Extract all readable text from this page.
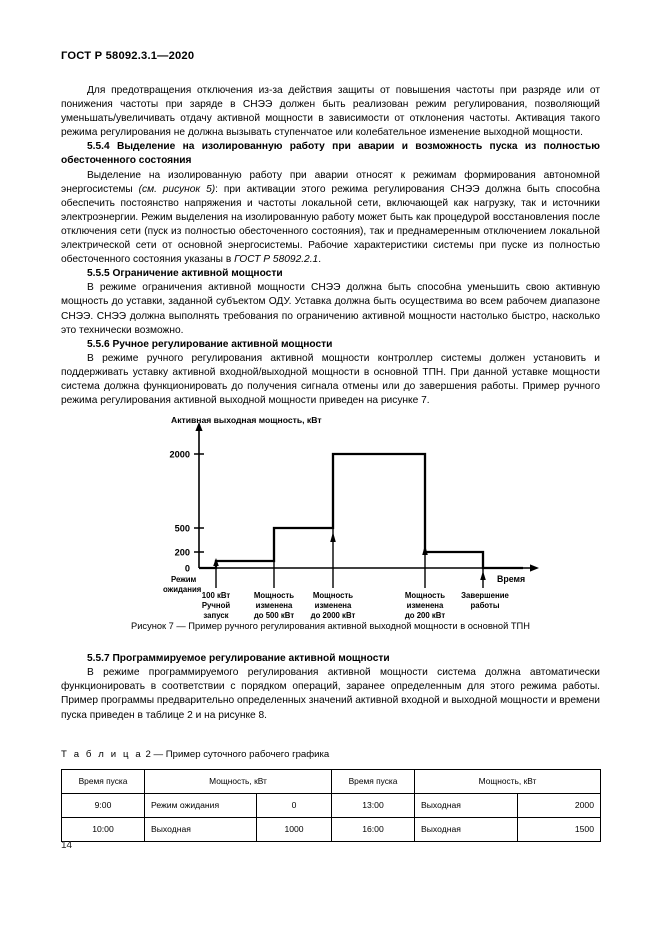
ГОСТ Р 58092.3.1—2020

Для предотвращения отключения из-за действия защиты от повышения частоты при разряде или от понижения частоты при заряде в СНЭЭ должен быть реализован режим регулирования, позволяющий уменьшать/увеличивать отдачу активной мощности в зависимости от отклонения частоты. Активация такого режима регулирования не должна вызывать ступенчатое или колебательное изменение выходной мощности.

5.5.4 Выделение на изолированную работу при аварии и возможность пуска из полностью обесточенного состояния

Выделение на изолированную работу при аварии относят к режимам формирования автономной энергосистемы (см. рисунок 5): при активации этого режима регулирования СНЭЭ должна быть способна обеспечить постоянство напряжения и частоты локальной сети, включающей как нагрузку, так и источники электроэнергии. Режим выделения на изолированную работу может быть как процедурой восстановления после отключения сети (пуск из полностью обесточенного состояния), так и преднамеренным отключением локальной электрической сети от основной энергосистемы. Рабочие характеристики системы при пуске из полностью обесточенного состояния указаны в ГОСТ Р 58092.2.1.

5.5.5 Ограничение активной мощности

В режиме ограничения активной мощности СНЭЭ должна быть способна уменьшить свою активную мощность до уставки, заданной субъектом ОДУ. Уставка должна быть осуществима во всем рабочем диапазоне СНЭЭ. СНЭЭ должна выполнять требования по ограничению активной мощности настолько быстро, насколько это технически возможно.

5.5.6 Ручное регулирование активной мощности

В режиме ручного регулирования активной мощности контроллер системы должен установить и поддерживать уставку активной входной/выходной мощности в основной ТПН. При данной уставке мощности система должна функционировать до получения сигнала отмены или до завершения работы. Пример ручного режима регулирования активной выходной мощности приведен на рисунке 7.

2000
500
200
0
Активная выходная мощность, кВт
Время
Режим
ожидания
100 кВт
Ручной
запуск
Мощность
изменена
до 500 кВт
Мощность
изменена
до 2000 кВт
Мощность
изменена
до 200 кВт
Завершение
работы
Рисунок 7 — Пример ручного регулирования активной выходной мощности в основной ТПН

5.5.7 Программируемое регулирование активной мощности

В режиме программируемого регулирования активной мощности система должна автоматически функционировать в соответствии с порядком операций, заранее определенным для этого режима работы. Пример программы предварительно определенных значений активной входной и выходной мощности и времени пуска приведен в таблице 2 и на рисунке 8.

Т а б л и ц а 2 — Пример суточного рабочего графика
Время пуска	Мощность, кВт		Время пуска	Мощность, кВт	
9:00	Режим ожидания	0	13:00	Выходная	2000
10:00	Выходная	1000	16:00	Выходная	1500
14
